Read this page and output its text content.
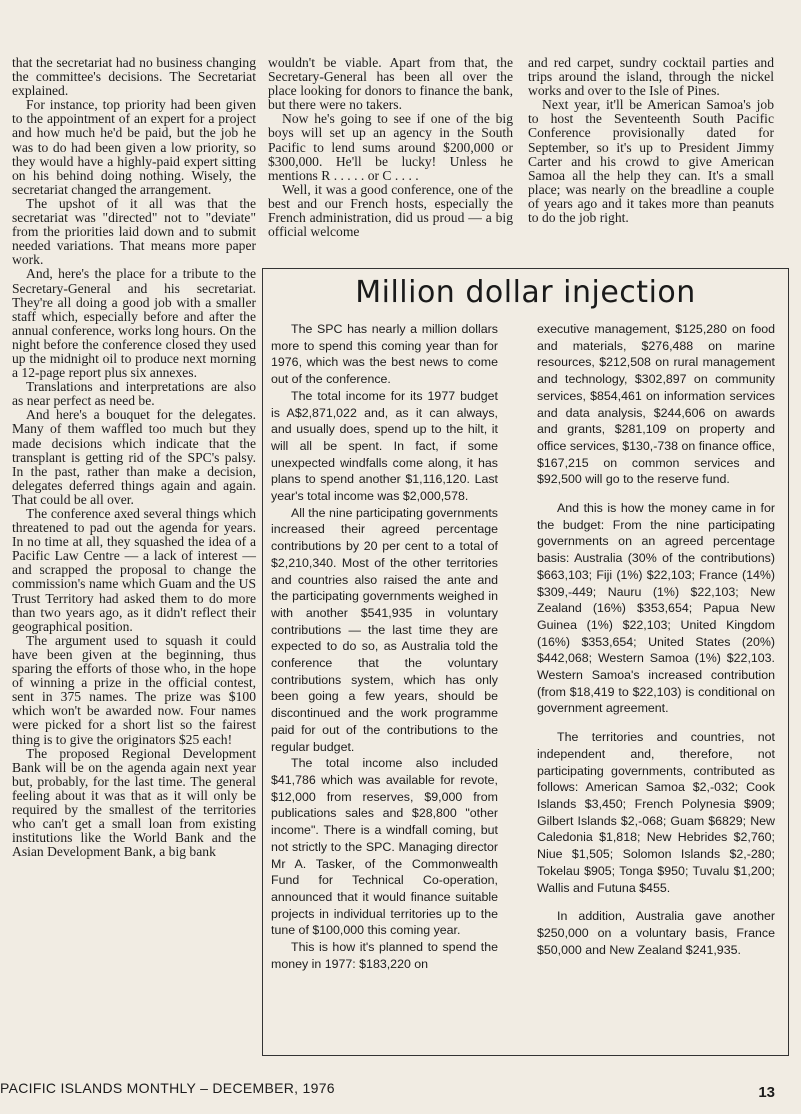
that the secretariat had no business changing the committee's decisions. The Secretariat explained.

For instance, top priority had been given to the appointment of an expert for a project and how much he'd be paid, but the job he was to do had been given a low priority, so they would have a highly-paid expert sitting on his behind doing nothing. Wisely, the secretariat changed the arrangement.

The upshot of it all was that the secretariat was "directed" not to "deviate" from the priorities laid down and to submit needed variations. That means more paper work.

And, here's the place for a tribute to the Secretary-General and his secretariat. They're all doing a good job with a smaller staff which, especially before and after the annual conference, works long hours. On the night before the conference closed they used up the midnight oil to produce next morning a 12-page report plus six annexes.

Translations and interpretations are also as near perfect as need be.

And here's a bouquet for the delegates. Many of them waffled too much but they made decisions which indicate that the transplant is getting rid of the SPC's palsy. In the past, rather than make a decision, delegates deferred things again and again. That could be all over.

The conference axed several things which threatened to pad out the agenda for years. In no time at all, they squashed the idea of a Pacific Law Centre — a lack of interest — and scrapped the proposal to change the commission's name which Guam and the US Trust Territory had asked them to do more than two years ago, as it didn't reflect their geographical position.

The argument used to squash it could have been given at the beginning, thus sparing the efforts of those who, in the hope of winning a prize in the official contest, sent in 375 names. The prize was $100 which won't be awarded now. Four names were picked for a short list so the fairest thing is to give the originators $25 each!

The proposed Regional Development Bank will be on the agenda again next year but, probably, for the last time. The general feeling about it was that as it will only be required by the smallest of the territories who can't get a small loan from existing institutions like the World Bank and the Asian Development Bank, a big bank

wouldn't be viable. Apart from that, the Secretary-General has been all over the place looking for donors to finance the bank, but there were no takers.

Now he's going to see if one of the big boys will set up an agency in the South Pacific to lend sums around $200,000 or $300,000. He'll be lucky! Unless he mentions R . . . . . or C . . . .

Well, it was a good conference, one of the best and our French hosts, especially the French administration, did us proud — a big official welcome

and red carpet, sundry cocktail parties and trips around the island, through the nickel works and over to the Isle of Pines.

Next year, it'll be American Samoa's job to host the Seventeenth South Pacific Conference provisionally dated for September, so it's up to President Jimmy Carter and his crowd to give American Samoa all the help they can. It's a small place; was nearly on the breadline a couple of years ago and it takes more than peanuts to do the job right.

Million dollar injection

The SPC has nearly a million dollars more to spend this coming year than for 1976, which was the best news to come out of the conference.

The total income for its 1977 budget is A$2,871,022 and, as it can always, and usually does, spend up to the hilt, it will all be spent. In fact, if some unexpected windfalls come along, it has plans to spend another $1,116,120. Last year's total income was $2,000,578.

All the nine participating governments increased their agreed percentage contributions by 20 per cent to a total of $2,210,340. Most of the other territories and countries also raised the ante and the participating governments weighed in with another $541,935 in voluntary contributions — the last time they are expected to do so, as Australia told the conference that the voluntary contributions system, which has only been going a few years, should be discontinued and the work programme paid for out of the contributions to the regular budget.

The total income also included $41,786 which was available for revote, $12,000 from reserves, $9,000 from publications sales and $28,800 "other income". There is a windfall coming, but not strictly to the SPC. Managing director Mr A. Tasker, of the Commonwealth Fund for Technical Co-operation, announced that it would finance suitable projects in individual territories up to the tune of $100,000 this coming year.

This is how it's planned to spend the money in 1977: $183,220 on

executive management, $125,280 on food and materials, $276,488 on marine resources, $212,508 on rural management and technology, $302,897 on community services, $854,461 on information services and data analysis, $244,606 on awards and grants, $281,109 on property and office services, $130,-738 on finance office, $167,215 on common services and $92,500 will go to the reserve fund.

And this is how the money came in for the budget: From the nine participating governments on an agreed percentage basis: Australia (30% of the contributions) $663,103; Fiji (1%) $22,103; France (14%) $309,-449; Nauru (1%) $22,103; New Zealand (16%) $353,654; Papua New Guinea (1%) $22,103; United Kingdom (16%) $353,654; United States (20%) $442,068; Western Samoa (1%) $22,103. Western Samoa's increased contribution (from $18,419 to $22,103) is conditional on government agreement.

The territories and countries, not independent and, therefore, not participating governments, contributed as follows: American Samoa $2,-032; Cook Islands $3,450; French Polynesia $909; Gilbert Islands $2,-068; Guam $6829; New Caledonia $1,818; New Hebrides $2,760; Niue $1,505; Solomon Islands $2,-280; Tokelau $905; Tonga $950; Tuvalu $1,200; Wallis and Futuna $455.

In addition, Australia gave another $250,000 on a voluntary basis, France $50,000 and New Zealand $241,935.

PACIFIC ISLANDS MONTHLY – DECEMBER, 1976	13
